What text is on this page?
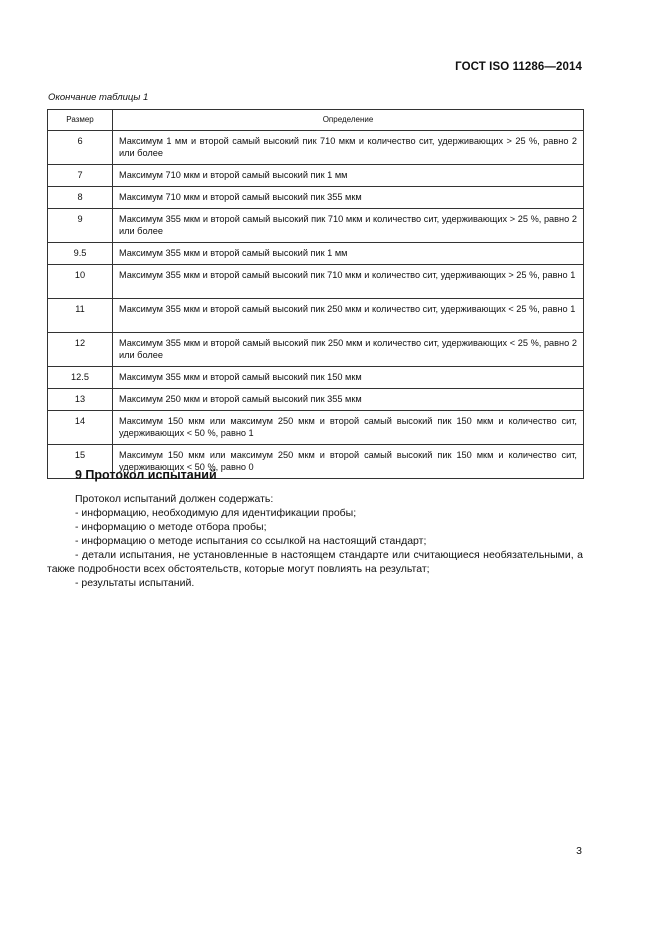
ГОСТ ISO 11286—2014
Окончание таблицы 1
Размер	Определение
6	Максимум 1 мм и второй самый высокий пик 710 мкм и количество сит, удерживающих > 25 %, равно 2 или более
7	Максимум 710 мкм и второй самый высокий пик 1 мм
8	Максимум 710 мкм и второй самый высокий пик 355 мкм
9	Максимум 355 мкм и второй самый высокий пик 710 мкм и количество сит, удерживающих > 25 %, равно 2 или более
9.5	Максимум 355 мкм и второй самый высокий пик 1 мм
10	Максимум 355 мкм и второй самый высокий пик 710 мкм и количество сит, удерживающих > 25 %, равно 1
11	Максимум 355 мкм и второй самый высокий пик 250 мкм и количество сит, удерживающих < 25 %, равно 1
12	Максимум 355 мкм и второй самый высокий пик 250 мкм и количество сит, удерживающих < 25 %, равно 2 или более
12.5	Максимум 355 мкм и второй самый высокий пик 150 мкм
13	Максимум 250 мкм и второй самый высокий пик 355 мкм
14	Максимум 150 мкм или максимум 250 мкм и второй самый высокий пик 150 мкм и количество сит, удерживающих < 50 %, равно 1
15	Максимум 150 мкм или максимум 250 мкм и второй самый высокий пик 150 мкм и количество сит, удерживающих < 50 %, равно 0
9 Протокол испытаний

Протокол испытаний должен содержать:

- информацию, необходимую для идентификации пробы;

- информацию о методе отбора пробы;

- информацию о методе испытания со ссылкой на настоящий стандарт;

- детали испытания, не установленные в настоящем стандарте или считающиеся необязательными, а также подробности всех обстоятельств, которые могут повлиять на результат;

- результаты испытаний.

3
